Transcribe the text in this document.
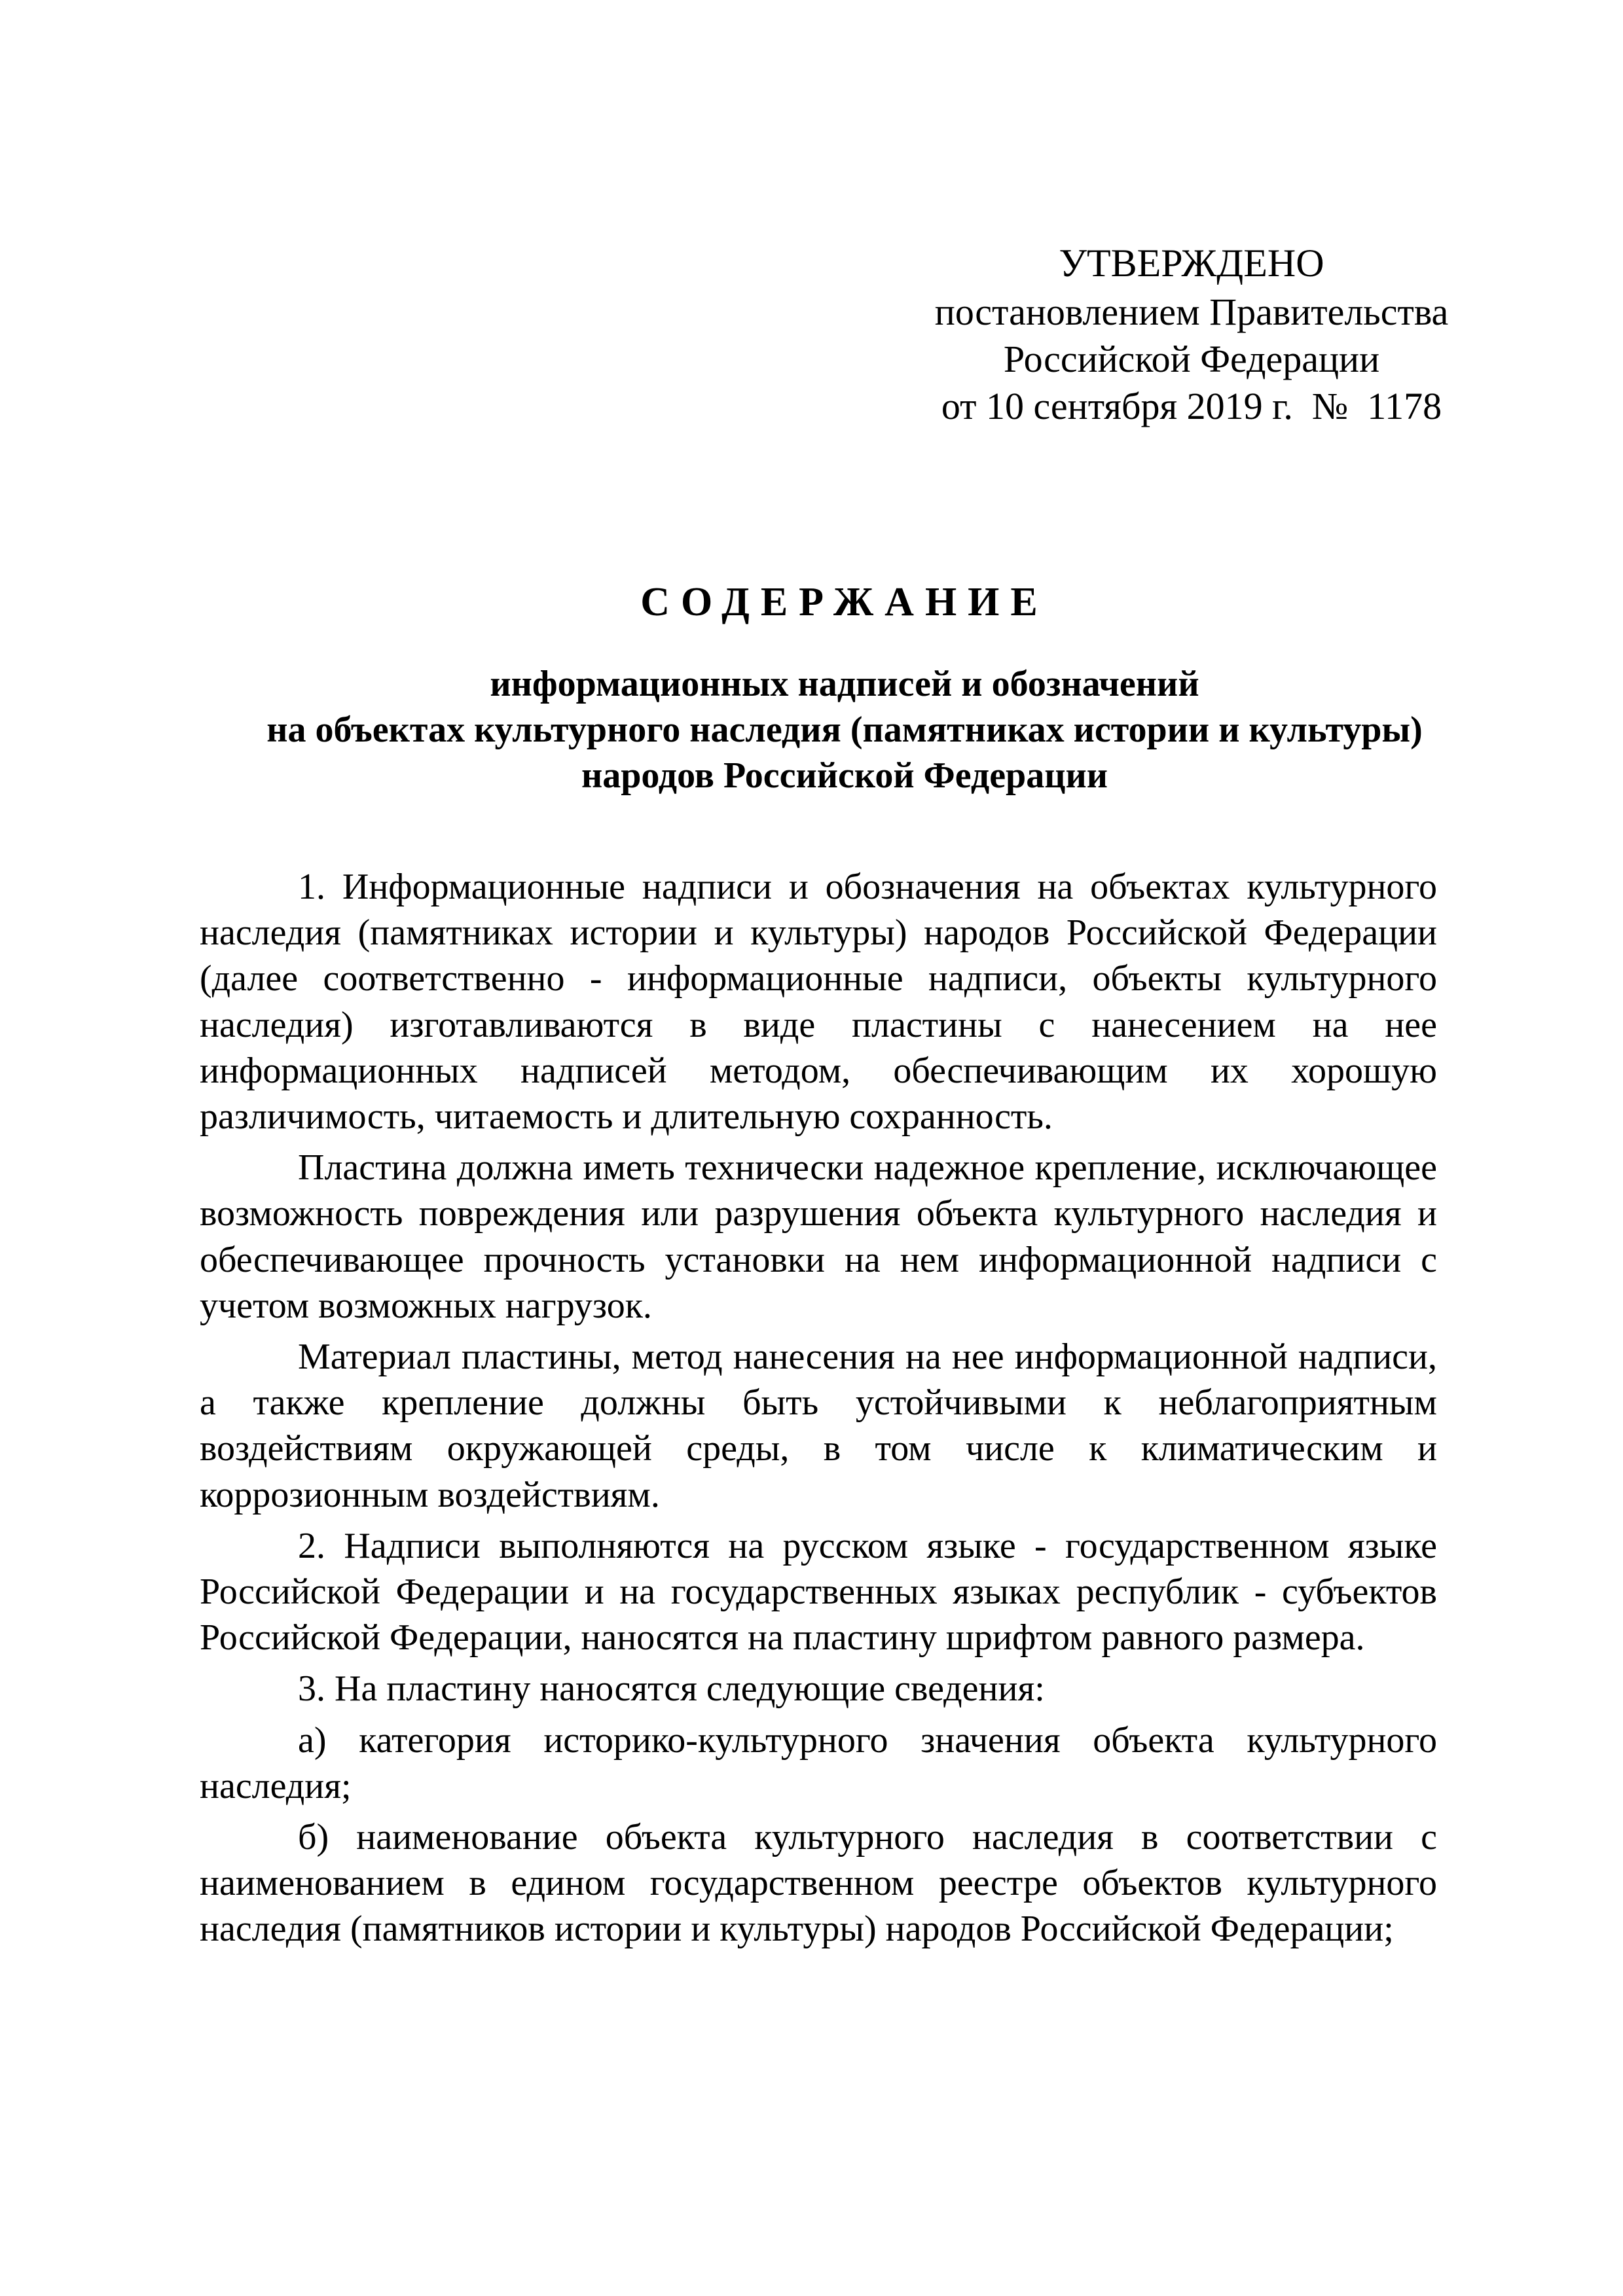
УТВЕРЖДЕНО
постановлением Правительства
Российской Федерации
от 10 сентября 2019 г.  №  1178
СОДЕРЖАНИЕ
информационных надписей и обозначений
на объектах культурного наследия (памятниках истории и культуры)
народов Российской Федерации

1. Информационные надписи и обозначения на объектах культурного наследия (памятниках истории и культуры) народов Российской Федерации (далее соответственно - информационные надписи, объекты культурного наследия) изготавливаются в виде пластины с нанесением на нее информационных надписей методом, обеспечивающим их хорошую различимость, читаемость и длительную сохранность.

Пластина должна иметь технически надежное крепление, исключающее возможность повреждения или разрушения объекта культурного наследия и обеспечивающее прочность установки на нем информационной надписи с учетом возможных нагрузок.

Материал пластины, метод нанесения на нее информационной надписи, а также крепление должны быть устойчивыми к неблагоприятным воздействиям окружающей среды, в том числе к климатическим и коррозионным воздействиям.

2. Надписи выполняются на русском языке - государственном языке Российской Федерации и на государственных языках республик - субъектов Российской Федерации, наносятся на пластину шрифтом равного размера.

3. На пластину наносятся следующие сведения:

а) категория историко-культурного значения объекта культурного наследия;

б) наименование объекта культурного наследия в соответствии с наименованием в едином государственном реестре объектов культурного наследия (памятников истории и культуры) народов Российской Федерации;
